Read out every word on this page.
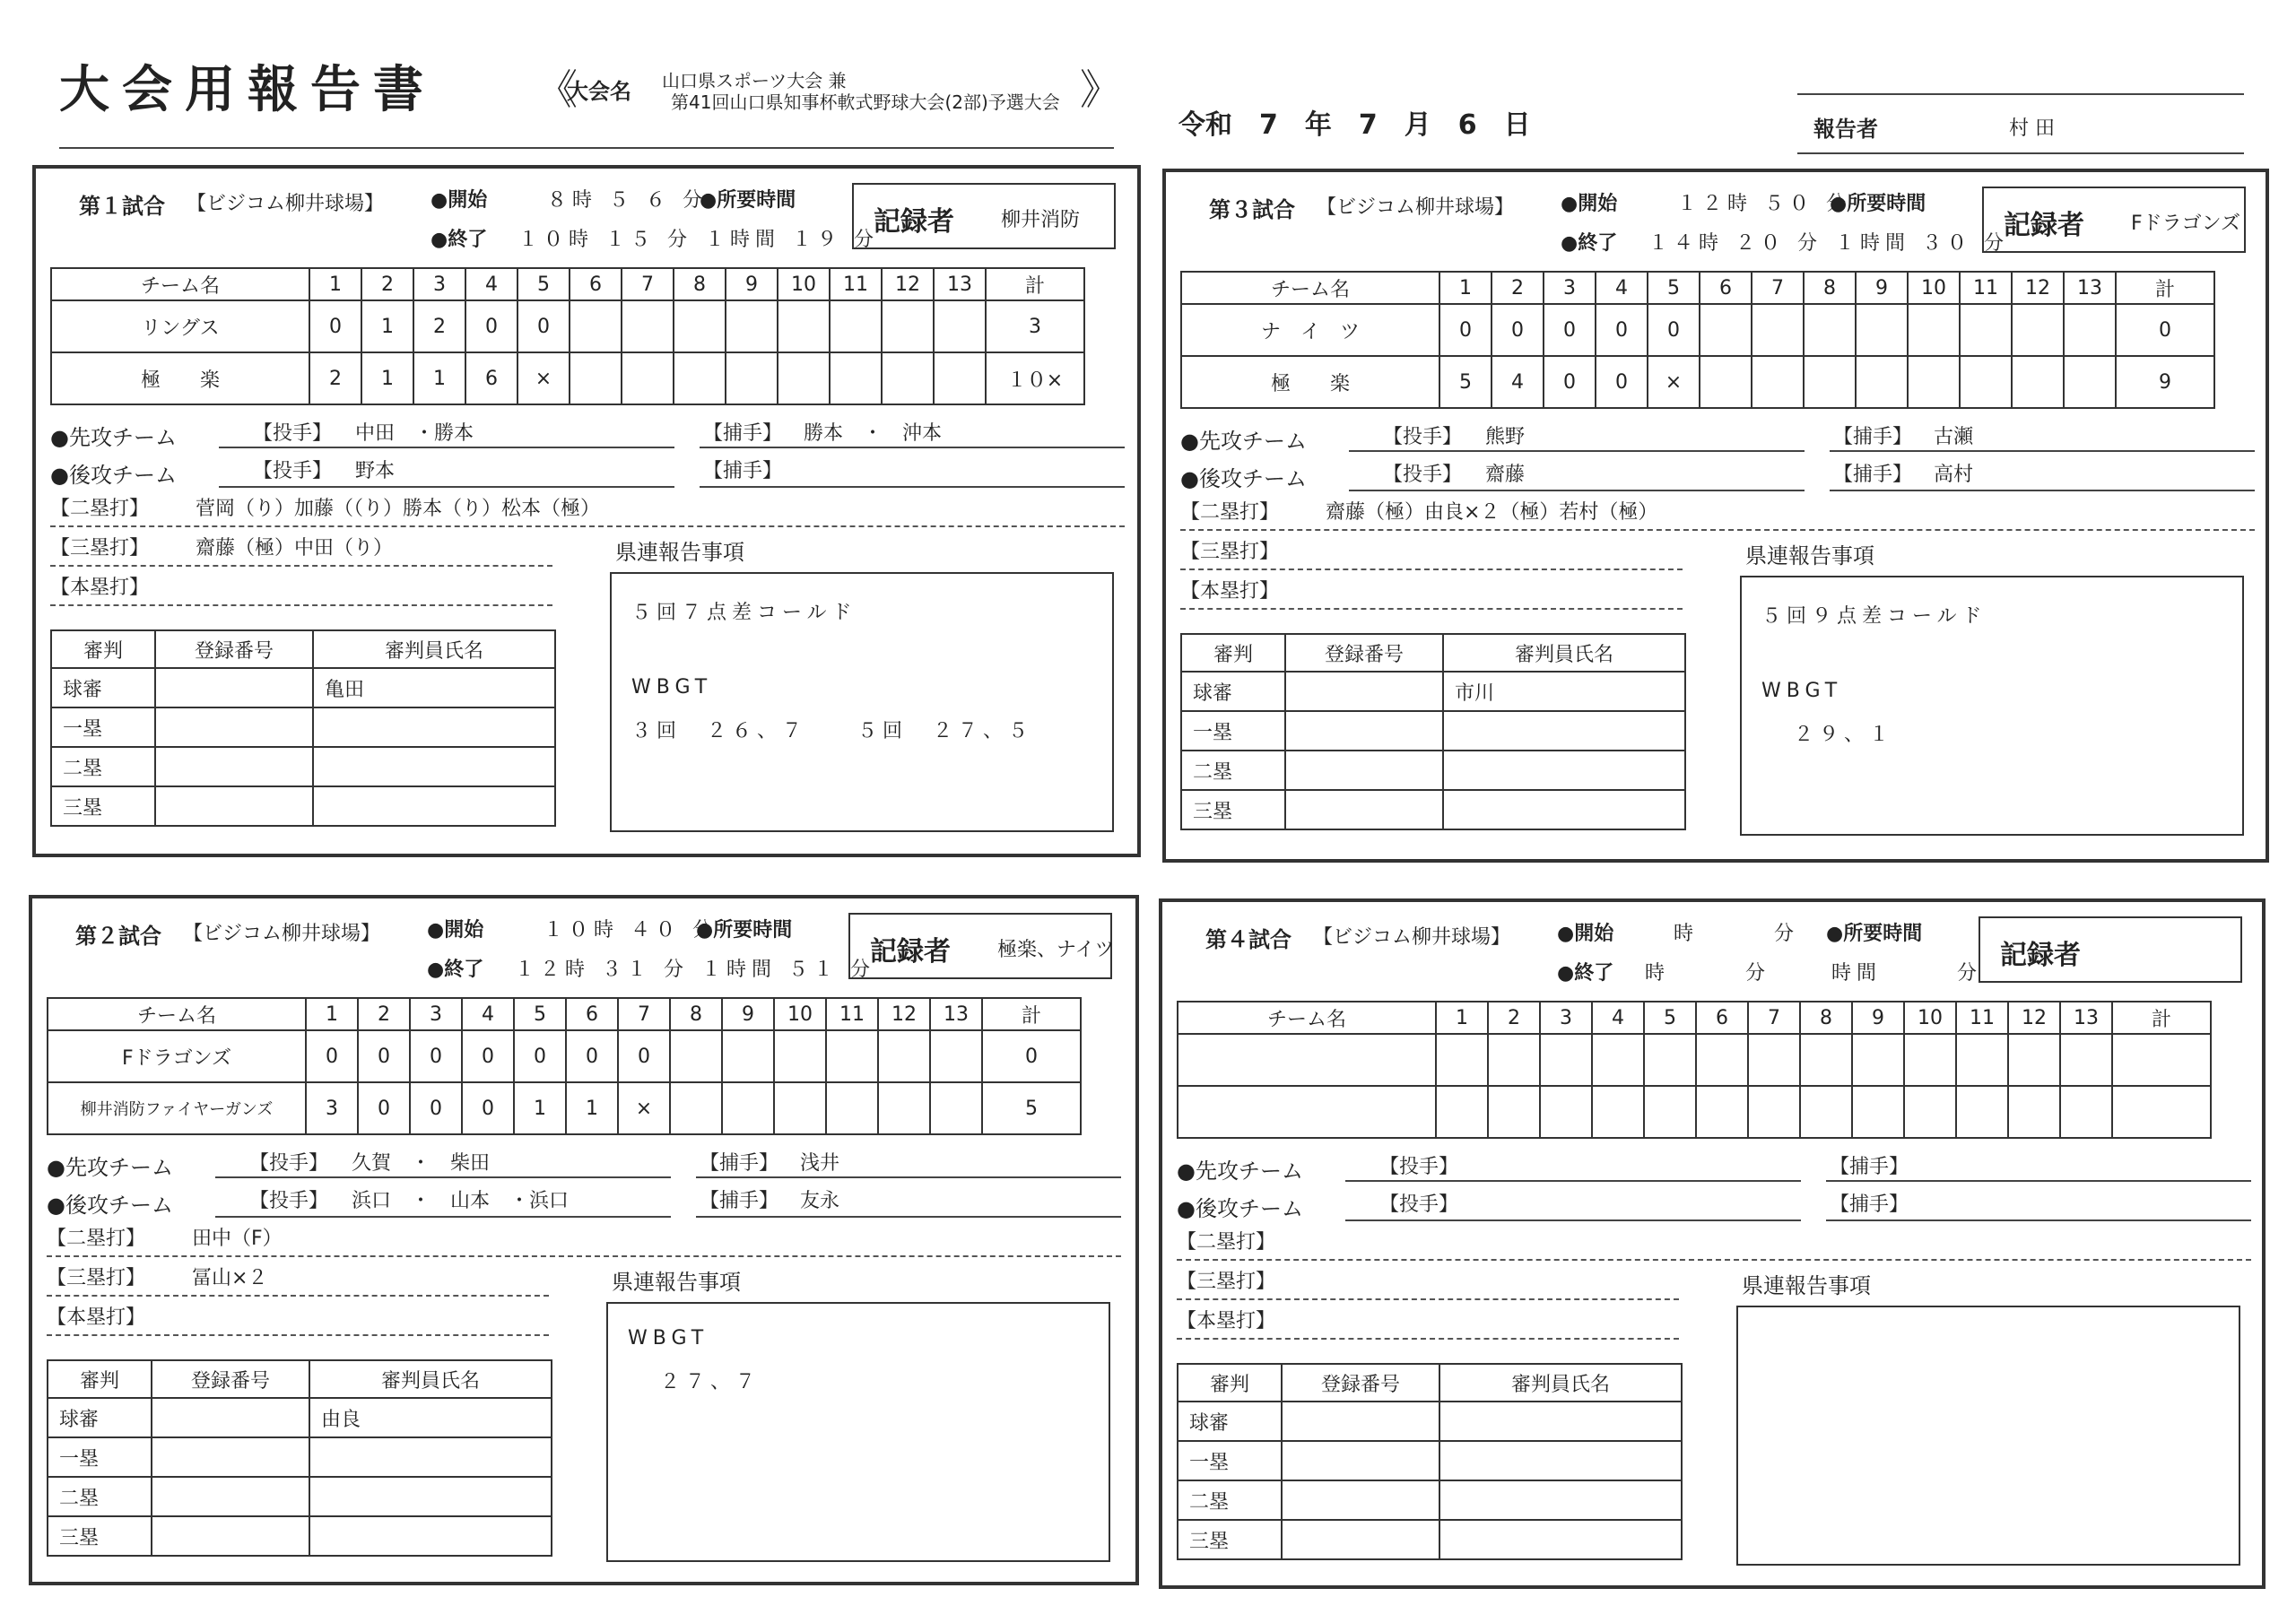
大会用報告書 《
大会名 山口県スポーツ大会 兼
第41回山口県知事杯軟式野球大会(2部)予選大会 》
令和　7　年　7　月　6　日	報告者	村 田
第１試合 【ビジコム柳井球場】 ●開始	８時 ５ ６ 分
●終了 １０時 １５ 分
●所要時間
１時間 １９ 分
記録者 柳井消防
チーム名	1	2	3	4	5	6	7	8	9	10	11	12	13	計
リングス	0	1	2	0	0									3
極　　楽	2	1	1	6	×									１０×
●先攻チーム	【投手】 中田　・勝本	【捕手】 勝本　・　沖本
●後攻チーム	【投手】 野本	【捕手】
【二塁打】 菅岡（り）加藤（（り）勝本（り）松本（極）
【三塁打】 齋藤（極）中田（り）
【本塁打】
県連報告事項
５回７点差コールド
WBGT
３回　２６、７　　５回　２７、５
審判	登録番号	審判員氏名
球審		亀田
一塁		
二塁		
三塁		
第３試合 【ビジコム柳井球場】 ●開始	１２時 ５０ 分
●終了 １４時 ２０ 分
●所要時間
１時間 ３０ 分
記録者 Fドラゴンズ
チーム名	1	2	3	4	5	6	7	8	9	10	11	12	13	計
ナ　イ　ツ	0	0	0	0	0									0
極　　楽	5	4	0	0	×									9
●先攻チーム	【投手】 熊野	【捕手】 古瀬
●後攻チーム	【投手】 齋藤	【捕手】 高村
【二塁打】 齋藤（極）由良×２（極）若村（極）
【三塁打】
【本塁打】
県連報告事項
５回９点差コールド
WBGT
２９、１
審判	登録番号	審判員氏名
球審		市川
一塁		
二塁		
三塁		
第２試合 【ビジコム柳井球場】 ●開始	１０時 ４０ 分
●終了 １２時 ３１ 分
●所要時間
１時間 ５１ 分
記録者 極楽、ナイツ
チーム名	1	2	3	4	5	6	7	8	9	10	11	12	13	計
Fドラゴンズ	0	0	0	0	0	0	0							0
柳井消防ファイヤーガンズ	3	0	0	0	1	1	×							5
●先攻チーム	【投手】 久賀　・　柴田	【捕手】 浅井
●後攻チーム	【投手】 浜口　・　山本　・浜口	【捕手】 友永
【二塁打】 田中（F）
【三塁打】 冨山×２
【本塁打】
県連報告事項
WBGT
２７、７
審判	登録番号	審判員氏名
球審		由良
一塁		
二塁		
三塁		
第４試合 【ビジコム柳井球場】 ●開始	時　　　分
●終了 時　　　分
●所要時間
時間　　　分
記録者
チーム名	1	2	3	4	5	6	7	8	9	10	11	12	13	計

●先攻チーム	【投手】	【捕手】
●後攻チーム	【投手】	【捕手】
【二塁打】
【三塁打】
【本塁打】
県連報告事項
審判	登録番号	審判員氏名
球審		
一塁		
二塁		
三塁		
